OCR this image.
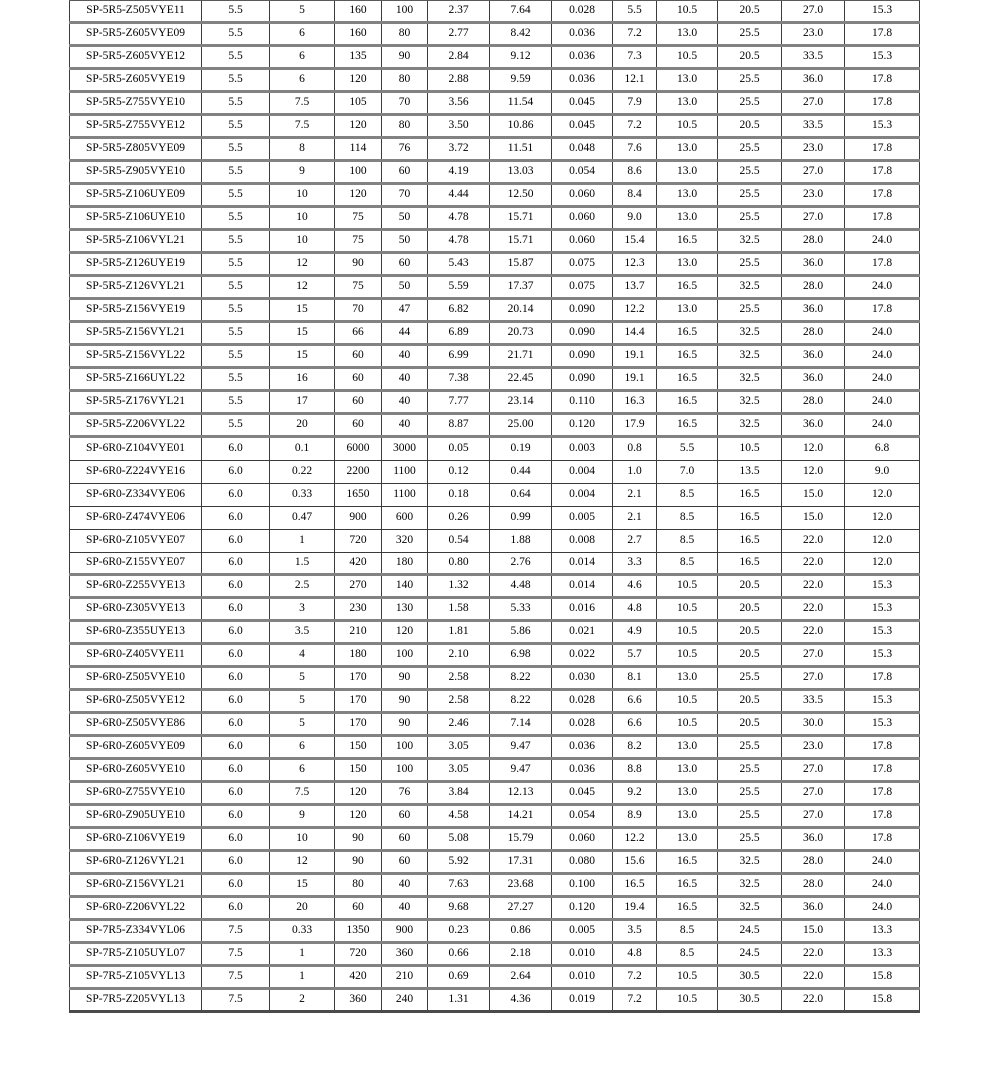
SP-5R5-Z505VYE11	5.5	5	160	100	2.37	7.64	0.028	5.5	10.5	20.5	27.0	15.3
SP-5R5-Z605VYE09	5.5	6	160	80	2.77	8.42	0.036	7.2	13.0	25.5	23.0	17.8
SP-5R5-Z605VYE12	5.5	6	135	90	2.84	9.12	0.036	7.3	10.5	20.5	33.5	15.3
SP-5R5-Z605VYE19	5.5	6	120	80	2.88	9.59	0.036	12.1	13.0	25.5	36.0	17.8
SP-5R5-Z755VYE10	5.5	7.5	105	70	3.56	11.54	0.045	7.9	13.0	25.5	27.0	17.8
SP-5R5-Z755VYE12	5.5	7.5	120	80	3.50	10.86	0.045	7.2	10.5	20.5	33.5	15.3
SP-5R5-Z805VYE09	5.5	8	114	76	3.72	11.51	0.048	7.6	13.0	25.5	23.0	17.8
SP-5R5-Z905VYE10	5.5	9	100	60	4.19	13.03	0.054	8.6	13.0	25.5	27.0	17.8
SP-5R5-Z106UYE09	5.5	10	120	70	4.44	12.50	0.060	8.4	13.0	25.5	23.0	17.8
SP-5R5-Z106UYE10	5.5	10	75	50	4.78	15.71	0.060	9.0	13.0	25.5	27.0	17.8
SP-5R5-Z106VYL21	5.5	10	75	50	4.78	15.71	0.060	15.4	16.5	32.5	28.0	24.0
SP-5R5-Z126UYE19	5.5	12	90	60	5.43	15.87	0.075	12.3	13.0	25.5	36.0	17.8
SP-5R5-Z126VYL21	5.5	12	75	50	5.59	17.37	0.075	13.7	16.5	32.5	28.0	24.0
SP-5R5-Z156VYE19	5.5	15	70	47	6.82	20.14	0.090	12.2	13.0	25.5	36.0	17.8
SP-5R5-Z156VYL21	5.5	15	66	44	6.89	20.73	0.090	14.4	16.5	32.5	28.0	24.0
SP-5R5-Z156VYL22	5.5	15	60	40	6.99	21.71	0.090	19.1	16.5	32.5	36.0	24.0
SP-5R5-Z166UYL22	5.5	16	60	40	7.38	22.45	0.090	19.1	16.5	32.5	36.0	24.0
SP-5R5-Z176VYL21	5.5	17	60	40	7.77	23.14	0.110	16.3	16.5	32.5	28.0	24.0
SP-5R5-Z206VYL22	5.5	20	60	40	8.87	25.00	0.120	17.9	16.5	32.5	36.0	24.0
SP-6R0-Z104VYE01	6.0	0.1	6000	3000	0.05	0.19	0.003	0.8	5.5	10.5	12.0	6.8
SP-6R0-Z224VYE16	6.0	0.22	2200	1100	0.12	0.44	0.004	1.0	7.0	13.5	12.0	9.0
SP-6R0-Z334VYE06	6.0	0.33	1650	1100	0.18	0.64	0.004	2.1	8.5	16.5	15.0	12.0
SP-6R0-Z474VYE06	6.0	0.47	900	600	0.26	0.99	0.005	2.1	8.5	16.5	15.0	12.0
SP-6R0-Z105VYE07	6.0	1	720	320	0.54	1.88	0.008	2.7	8.5	16.5	22.0	12.0
SP-6R0-Z155VYE07	6.0	1.5	420	180	0.80	2.76	0.014	3.3	8.5	16.5	22.0	12.0
SP-6R0-Z255VYE13	6.0	2.5	270	140	1.32	4.48	0.014	4.6	10.5	20.5	22.0	15.3
SP-6R0-Z305VYE13	6.0	3	230	130	1.58	5.33	0.016	4.8	10.5	20.5	22.0	15.3
SP-6R0-Z355UYE13	6.0	3.5	210	120	1.81	5.86	0.021	4.9	10.5	20.5	22.0	15.3
SP-6R0-Z405VYE11	6.0	4	180	100	2.10	6.98	0.022	5.7	10.5	20.5	27.0	15.3
SP-6R0-Z505VYE10	6.0	5	170	90	2.58	8.22	0.030	8.1	13.0	25.5	27.0	17.8
SP-6R0-Z505VYE12	6.0	5	170	90	2.58	8.22	0.028	6.6	10.5	20.5	33.5	15.3
SP-6R0-Z505VYE86	6.0	5	170	90	2.46	7.14	0.028	6.6	10.5	20.5	30.0	15.3
SP-6R0-Z605VYE09	6.0	6	150	100	3.05	9.47	0.036	8.2	13.0	25.5	23.0	17.8
SP-6R0-Z605VYE10	6.0	6	150	100	3.05	9.47	0.036	8.8	13.0	25.5	27.0	17.8
SP-6R0-Z755VYE10	6.0	7.5	120	76	3.84	12.13	0.045	9.2	13.0	25.5	27.0	17.8
SP-6R0-Z905UYE10	6.0	9	120	60	4.58	14.21	0.054	8.9	13.0	25.5	27.0	17.8
SP-6R0-Z106VYE19	6.0	10	90	60	5.08	15.79	0.060	12.2	13.0	25.5	36.0	17.8
SP-6R0-Z126VYL21	6.0	12	90	60	5.92	17.31	0.080	15.6	16.5	32.5	28.0	24.0
SP-6R0-Z156VYL21	6.0	15	80	40	7.63	23.68	0.100	16.5	16.5	32.5	28.0	24.0
SP-6R0-Z206VYL22	6.0	20	60	40	9.68	27.27	0.120	19.4	16.5	32.5	36.0	24.0
SP-7R5-Z334VYL06	7.5	0.33	1350	900	0.23	0.86	0.005	3.5	8.5	24.5	15.0	13.3
SP-7R5-Z105UYL07	7.5	1	720	360	0.66	2.18	0.010	4.8	8.5	24.5	22.0	13.3
SP-7R5-Z105VYL13	7.5	1	420	210	0.69	2.64	0.010	7.2	10.5	30.5	22.0	15.8
SP-7R5-Z205VYL13	7.5	2	360	240	1.31	4.36	0.019	7.2	10.5	30.5	22.0	15.8
